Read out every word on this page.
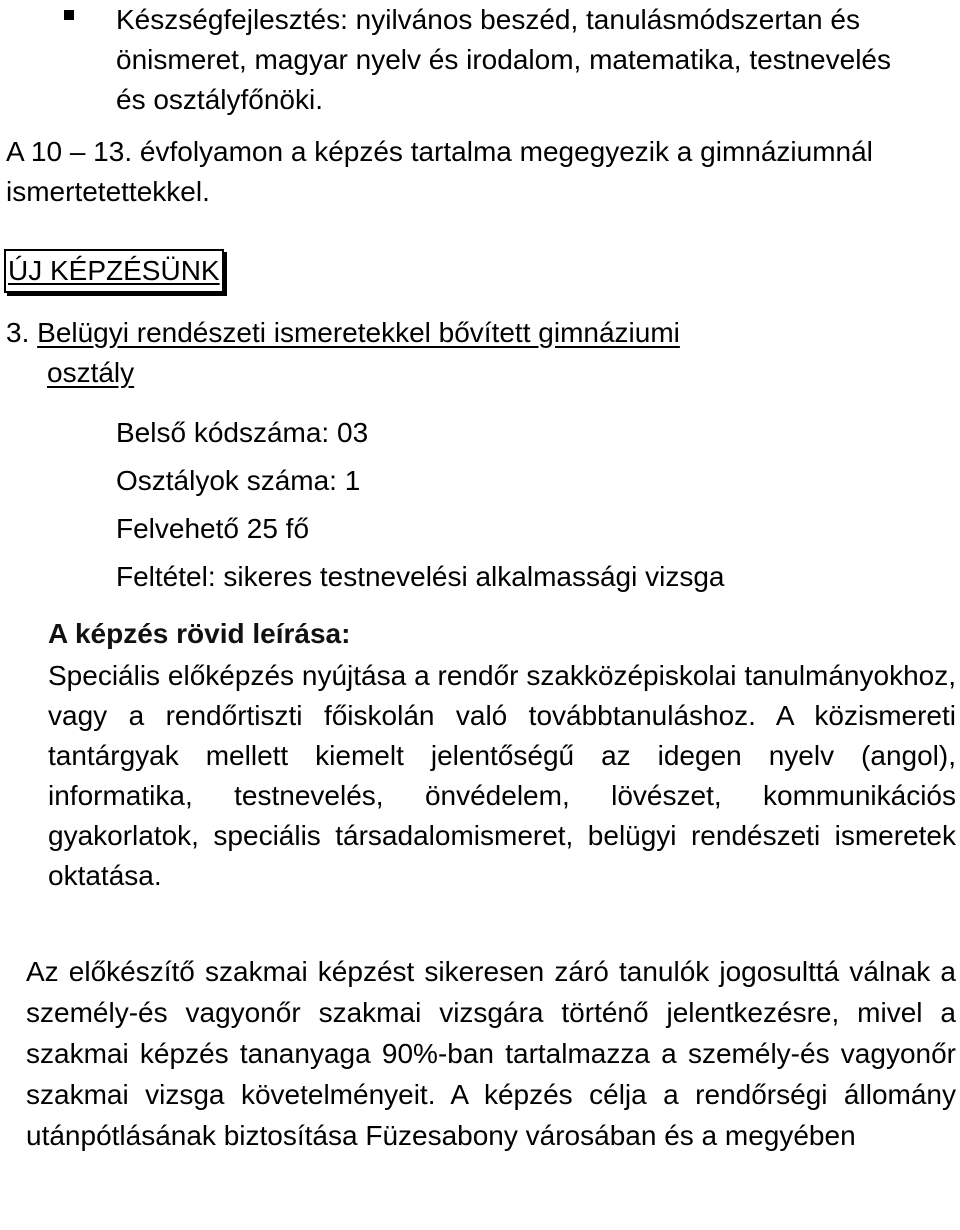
Készségfejlesztés: nyilvános beszéd, tanulásmódszertan és önismeret, magyar nyelv és irodalom, matematika, testnevelés és osztályfőnöki.

A 10 – 13. évfolyamon a képzés tartalma megegyezik a gimnáziumnál ismertetettekkel.

ÚJ KÉPZÉSÜNK
3. Belügyi rendészeti ismeretekkel bővített gimnáziumi
osztály

Belső kódszáma: 03

Osztályok száma: 1

Felvehető 25 fő

Feltétel: sikeres testnevelési alkalmassági vizsga

A képzés rövid leírása:

Speciális előképzés nyújtása a rendőr szakközépiskolai tanulmányokhoz, vagy a rendőrtiszti főiskolán való továbbtanuláshoz. A közismereti tantárgyak mellett kiemelt jelentőségű az idegen nyelv (angol), informatika, testnevelés, önvédelem, lövészet, kommunikációs gyakorlatok, speciális társadalomismeret, belügyi rendészeti ismeretek oktatása.

Az előkészítő szakmai képzést sikeresen záró tanulók jogosulttá válnak a személy-és vagyonőr szakmai vizsgára történő jelentkezésre, mivel a szakmai képzés tananyaga 90%-ban tartalmazza a személy-és vagyonőr szakmai vizsga követelményeit. A képzés célja a rendőrségi állomány utánpótlásának biztosítása Füzesabony városában és a megyében
